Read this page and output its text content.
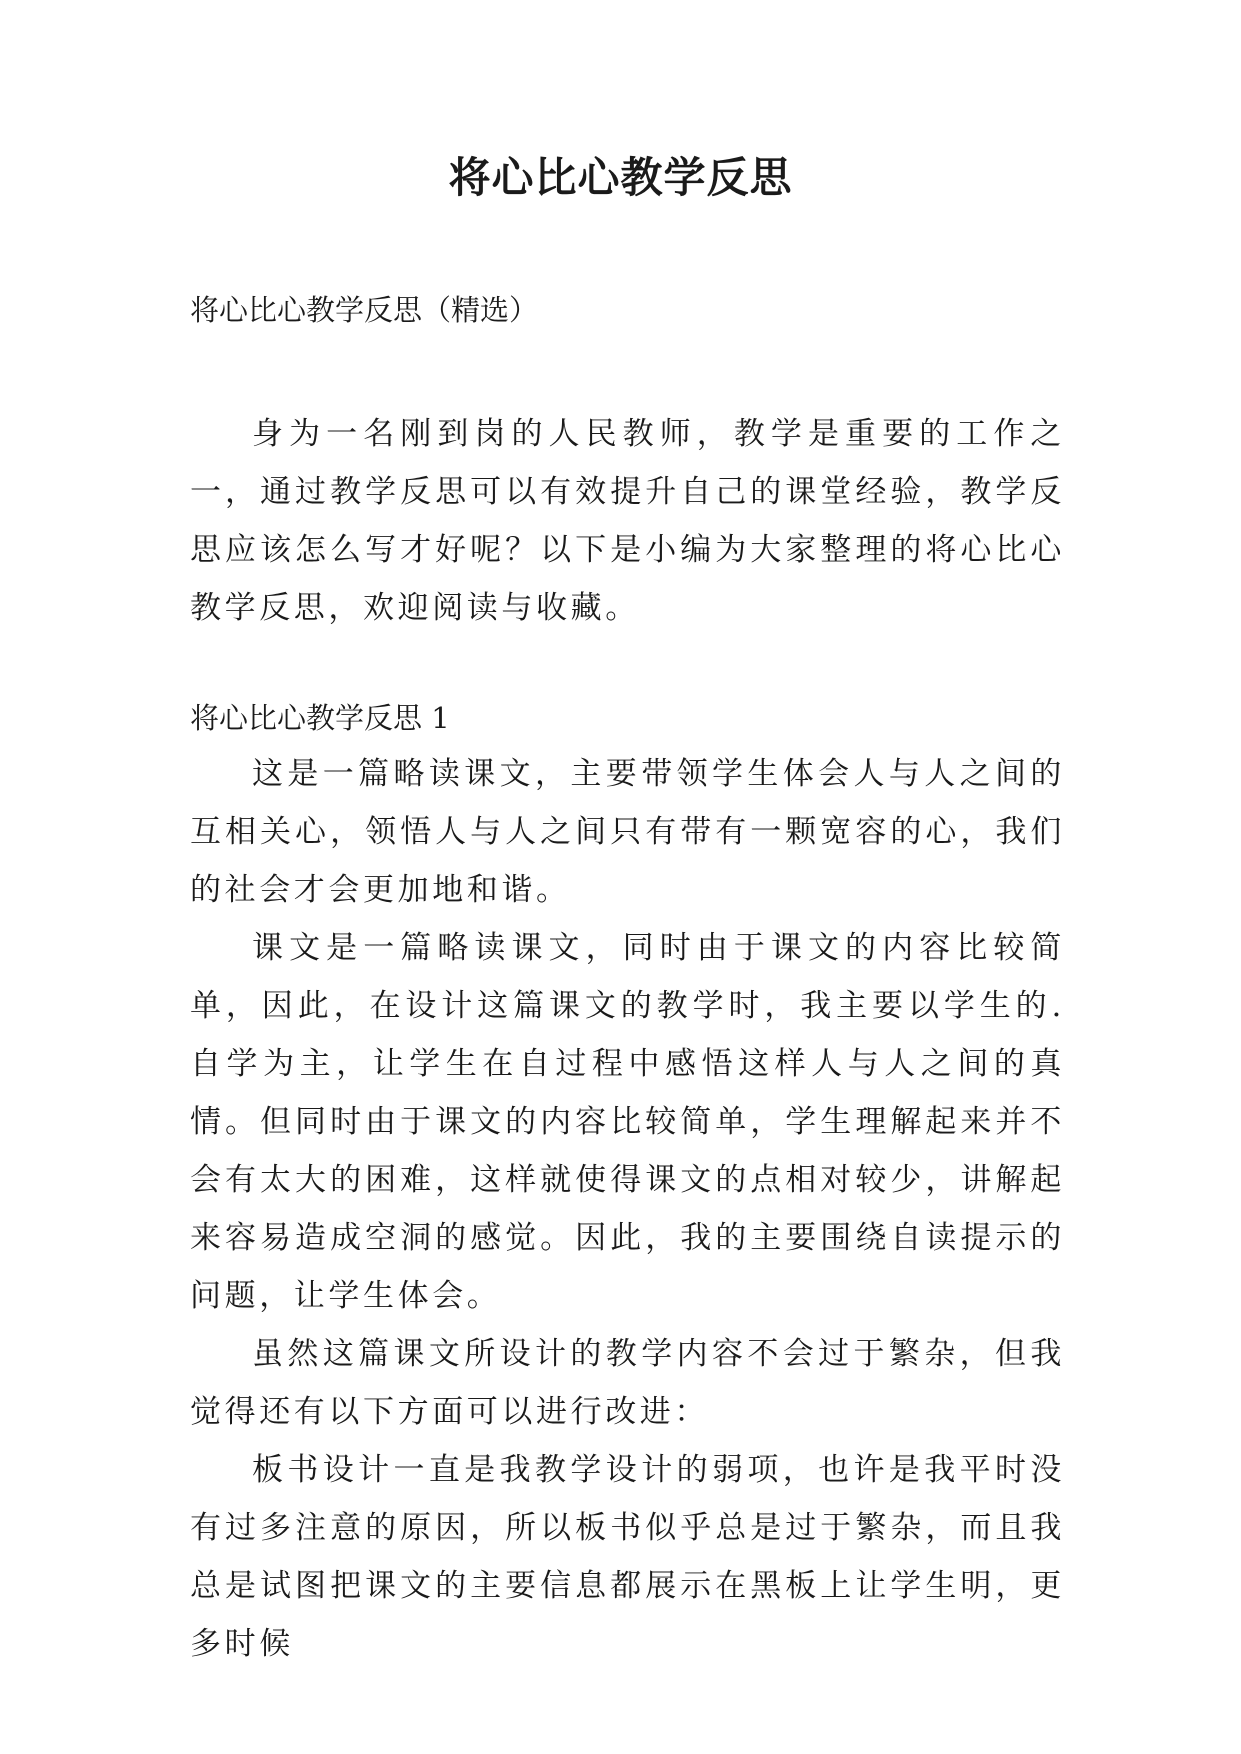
将心比心教学反思

将心比心教学反思（精选）

身为一名刚到岗的人民教师，教学是重要的工作之一，通过教学反思可以有效提升自己的课堂经验，教学反思应该怎么写才好呢？以下是小编为大家整理的将心比心教学反思，欢迎阅读与收藏。

将心比心教学反思 1

这是一篇略读课文，主要带领学生体会人与人之间的互相关心，领悟人与人之间只有带有一颗宽容的心，我们的社会才会更加地和谐。

课文是一篇略读课文，同时由于课文的内容比较简单，因此，在设计这篇课文的教学时，我主要以学生的.自学为主，让学生在自过程中感悟这样人与人之间的真情。但同时由于课文的内容比较简单，学生理解起来并不会有太大的困难，这样就使得课文的点相对较少，讲解起来容易造成空洞的感觉。因此，我的主要围绕自读提示的问题，让学生体会。

虽然这篇课文所设计的教学内容不会过于繁杂，但我觉得还有以下方面可以进行改进：

板书设计一直是我教学设计的弱项，也许是我平时没有过多注意的原因，所以板书似乎总是过于繁杂，而且我总是试图把课文的主要信息都展示在黑板上让学生明，更多时候
